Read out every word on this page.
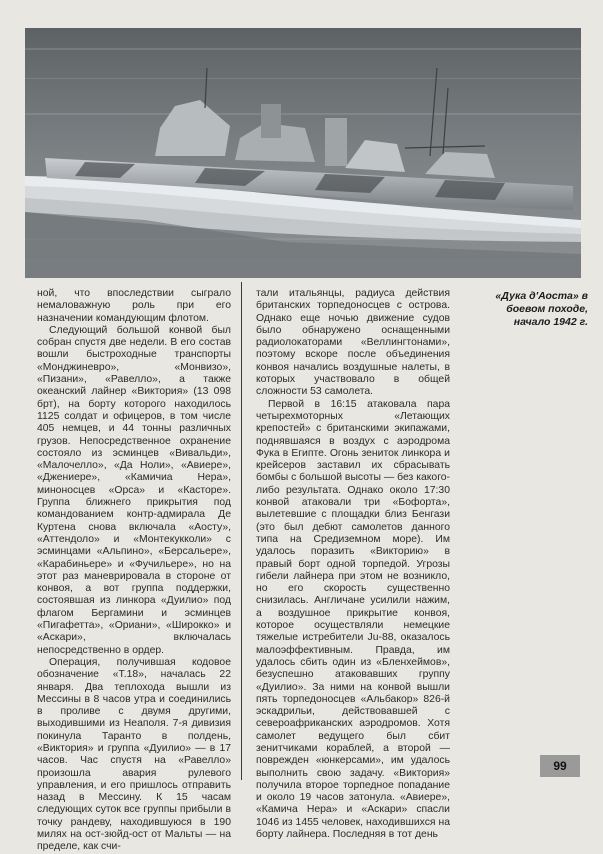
«Дука д'Аоста» в боевом походе, начало 1942 г.

ной, что впоследствии сыграло немаловажную роль при его назначении командующим флотом.

Следующий большой конвой был собран спустя две недели. В его состав вошли быстроходные транспорты «Монджиневро», «Монвизо», «Пизани», «Равелло», а также океанский лайнер «Виктория» (13 098 брт), на борту которого находилось 1125 солдат и офицеров, в том числе 405 немцев, и 44 тонны различных грузов. Непосредственное охранение состояло из эсминцев «Вивальди», «Малочелло», «Да Ноли», «Авиере», «Джениере», «Камичиа Нера», миноносцев «Орса» и «Касторе». Группа ближнего прикрытия под командованием контр-адмирала Де Куртена снова включала «Аосту», «Аттендоло» и «Монтекукколи» с эсминцами «Альпино», «Берсальере», «Карабиньере» и «Фучильере», но на этот раз маневрировала в стороне от конвоя, а вот группа поддержки, состоявшая из линкора «Дуилио» под флагом Бергамини и эсминцев «Пигафетта», «Ориани», «Широкко» и «Аскари», включалась непосредственно в ордер.

Операция, получившая кодовое обозначение «Т.18», началась 22 января. Два теплохода вышли из Мессины в 8 часов утра и соединились в проливе с двумя другими, выходившими из Неаполя. 7-я дивизия покинула Таранто в полдень, «Виктория» и группа «Дуилио» — в 17 часов. Час спустя на «Равелло» произошла авария рулевого управления, и его пришлось отправить назад в Мессину. К 15 часам следующих суток все группы прибыли в точку рандеву, находившуюся в 190 милях на ост-зюйд-ост от Мальты — на пределе, как счи-

тали итальянцы, радиуса действия британских торпедоносцев с острова. Однако еще ночью движение судов было обнаружено оснащенными радиолокаторами «Веллингтонами», поэтому вскоре после объединения конвоя начались воздушные налеты, в которых участвовало в общей сложности 53 самолета.

Первой в 16:15 атаковала пара четырехмоторных «Летающих крепостей» с британскими экипажами, поднявшаяся в воздух с аэродрома Фука в Египте. Огонь зениток линкора и крейсеров заставил их сбрасывать бомбы с большой высоты — без какого-либо результата. Однако около 17:30 конвой атаковали три «Бофорта», вылетевшие с площадки близ Бенгази (это был дебют самолетов данного типа на Средиземном море). Им удалось поразить «Викторию» в правый борт одной торпедой. Угрозы гибели лайнера при этом не возникло, но его скорость существенно снизилась. Англичане усилили нажим, а воздушное прикрытие конвоя, которое осуществляли немецкие тяжелые истребители Ju-88, оказалось малоэффективным. Правда, им удалось сбить один из «Бленхеймов», безуспешно атаковавших группу «Дуилио». За ними на конвой вышли пять торпедоносцев «Альбакор» 826-й эскадрильи, действовавшей с североафриканских аэродромов. Хотя самолет ведущего был сбит зенитчиками кораблей, а второй — поврежден «юнкерсами», им удалось выполнить свою задачу. «Виктория» получила второе торпедное попадание и около 19 часов затонула. «Авиере», «Камича Нера» и «Аскари» спасли 1046 из 1455 человек, находившихся на борту лайнера. Последняя в тот день

99
